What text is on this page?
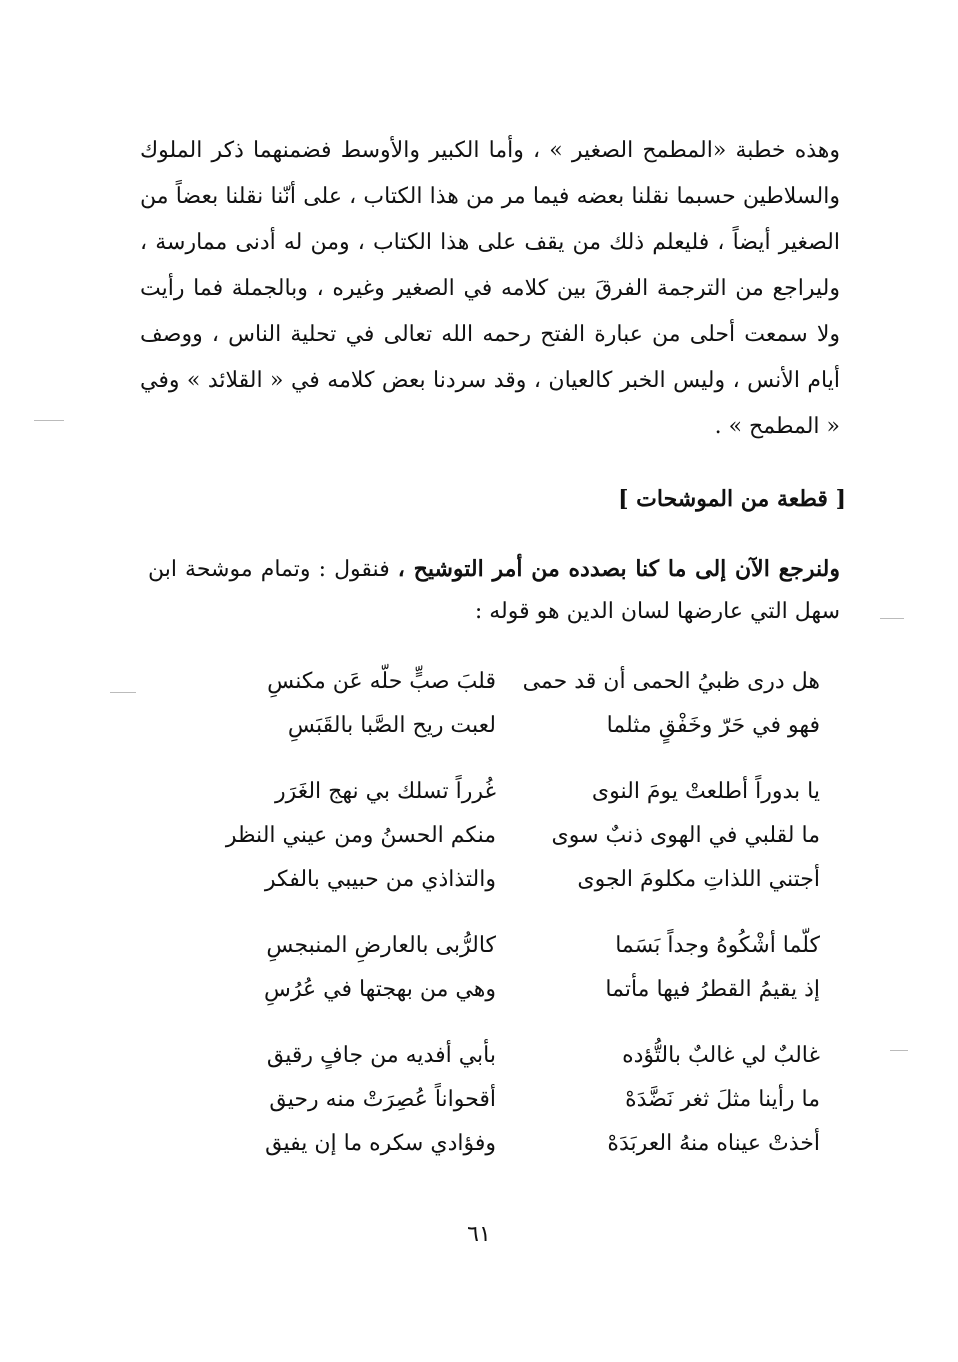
وهذه خطبة «المطمح الصغير » ، وأما الكبير والأوسط فضمنهما ذكر الملوك والسلاطين حسبما نقلنا بعضه فيما مر من هذا الكتاب ، على أنّنا نقلنا بعضاً من الصغير أيضاً ، فليعلم ذلك من يقف على هذا الكتاب ، ومن له أدنى ممارسة ، وليراجع من الترجمة الفرقَ بين كلامه في الصغير وغيره ، وبالجملة فما رأيت ولا سمعت أحلى من عبارة الفتح رحمه الله تعالى في تحلية الناس ، ووصف أيام الأنس ، وليس الخبر كالعيان ، وقد سردنا بعض كلامه في « القلائد » وفي « المطمح » .

[ قطعة من الموشحات ]

ولنرجع الآن إلى ما كنا بصدده من أمر التوشيح ، فنقول : وتمام موشحة ابن سهل التي عارضها لسان الدين هو قوله :

هل درى ظبيُ الحمى أن قد حمى
قلبَ صبٍّ حلّه عَن مكنسِ
فهو في حَرّ وخَفْقٍ مثلما
لعبت ريح الصَّبا بالقَبَسِ
يا بدوراً أطلعتْ يومَ النوى
غُرراً تسلك بي نهج الغَرَر
ما لقلبي في الهوى ذنبٌ سوى
منكم الحسنُ ومن عيني النظر
أجتني اللذاتِ مكلومَ الجوى
والتذاذي من حبيبي بالفكر
كلّما أشْكُوهُ وجداً بَسَما
كالرُّبى بالعارضِ المنبجسِ
إذ يقيمُ القطرُ فيها مأتما
وهي من بهجتها في عُرُسِ
غالبٌ لي غالبٌ بالتُّؤده
بأبي أفديه من جافٍ رقيق
ما رأينا مثلَ ثغر نَضَّدَهْ
أقحواناً عُصِرَتْ منه رحيق
أخذتْ عيناه منهُ العربَدَهْ
وفؤادي سكره ما إن يفيق
٦١
